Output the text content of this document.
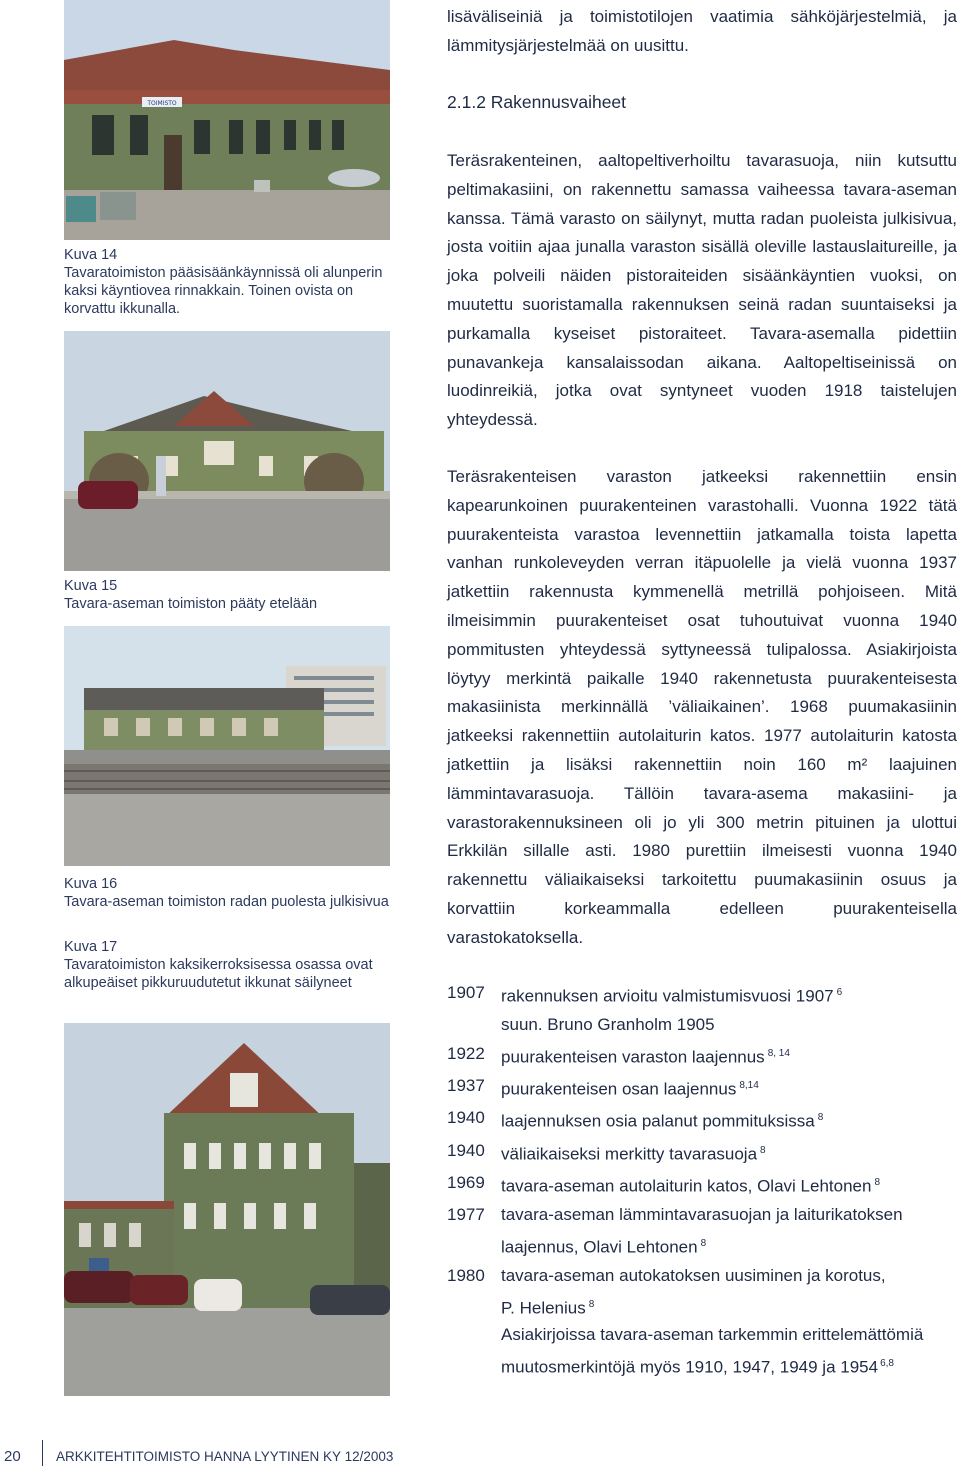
TOIMISTO
Kuva 14
Tavaratoimiston pääsisäänkäynnissä oli alunperin kaksi käyntiovea rinnakkain. Toinen ovista on korvattu ikkunalla.
Kuva 15
Tavara-aseman toimiston pääty etelään
Kuva 16
Tavara-aseman toimiston radan puolesta julkisivua
Kuva 17
Tavaratoimiston kaksikerroksisessa osassa ovat alkupeäiset pikkuruudutetut ikkunat säilyneet
lisäväliseiniä ja toimistotilojen vaatimia sähköjärjestelmiä, ja lämmitysjärjestelmää on uusittu.
2.1.2 Rakennusvaiheet
Teräsrakenteinen, aaltopeltiverhoiltu tavarasuoja, niin kutsuttu peltimakasiini, on rakennettu samassa vaiheessa tavara-aseman kanssa. Tämä varasto on säilynyt, mutta radan puoleista julkisivua, josta voitiin ajaa junalla varaston sisällä oleville lastauslaitureille, ja joka polveili näiden pistoraiteiden sisäänkäyntien vuoksi, on muutettu suoristamalla rakennuksen seinä radan suuntaiseksi ja purkamalla kyseiset pistoraiteet. Tavara-asemalla pidettiin punavankeja kansalaissodan aikana. Aaltopeltiseinissä on luodinreikiä, jotka ovat syntyneet vuoden 1918 taistelujen yhteydessä.
Teräsrakenteisen varaston jatkeeksi rakennettiin ensin kapearunkoinen puurakenteinen varastohalli. Vuonna 1922 tätä puurakenteista varastoa levennettiin jatkamalla toista lapetta vanhan runkoleveyden verran itäpuolelle ja vielä vuonna 1937 jatkettiin rakennusta kymmenellä metrillä pohjoiseen. Mitä ilmeisimmin puurakenteiset osat tuhoutuivat vuonna 1940 pommitusten yhteydessä syttyneessä tulipalossa. Asiakirjoista löytyy merkintä paikalle 1940 rakennetusta puurakenteisesta makasiinista merkinnällä ’väliaikainen’. 1968 puumakasiinin jatkeeksi rakennettiin autolaiturin katos. 1977 autolaiturin katosta jatkettiin ja lisäksi rakennettiin noin 160 m² laajuinen lämmintavarasuoja. Tällöin tavara-asema makasiini- ja varastorakennuksineen oli jo yli 300 metrin pituinen ja ulottui Erkkilän sillalle asti. 1980 purettiin ilmeisesti vuonna 1940 rakennettu väliaikaiseksi tarkoitettu puumakasiinin osuus ja korvattiin korkeammalla edelleen puurakenteisella varastokatoksella.
1907 rakennuksen arvioitu valmistumisvuosi 1907 $^6$
suun. Bruno Granholm 1905
1922 puurakenteisen varaston laajennus $^{8, 14}$
1937 puurakenteisen osan laajennus $^{8,14}$
1940 laajennuksen osia palanut pommituksissa $^8$
1940 väliaikaiseksi merkitty tavarasuoja $^8$
1969 tavara-aseman autolaiturin katos, Olavi Lehtonen $^8$
1977 tavara-aseman lämmintavarasuojan ja laiturikatoksen
laajennus, Olavi Lehtonen $^8$
1980 tavara-aseman autokatoksen uusiminen ja korotus,
P. Helenius $^8$
Asiakirjoissa tavara-aseman tarkemmin erittelemättömiä muutosmerkintöjä myös 1910, 1947, 1949 ja 1954 $^{6,8}$
20	ARKKITEHTITOIMISTO HANNA LYYTINEN KY 12/2003
